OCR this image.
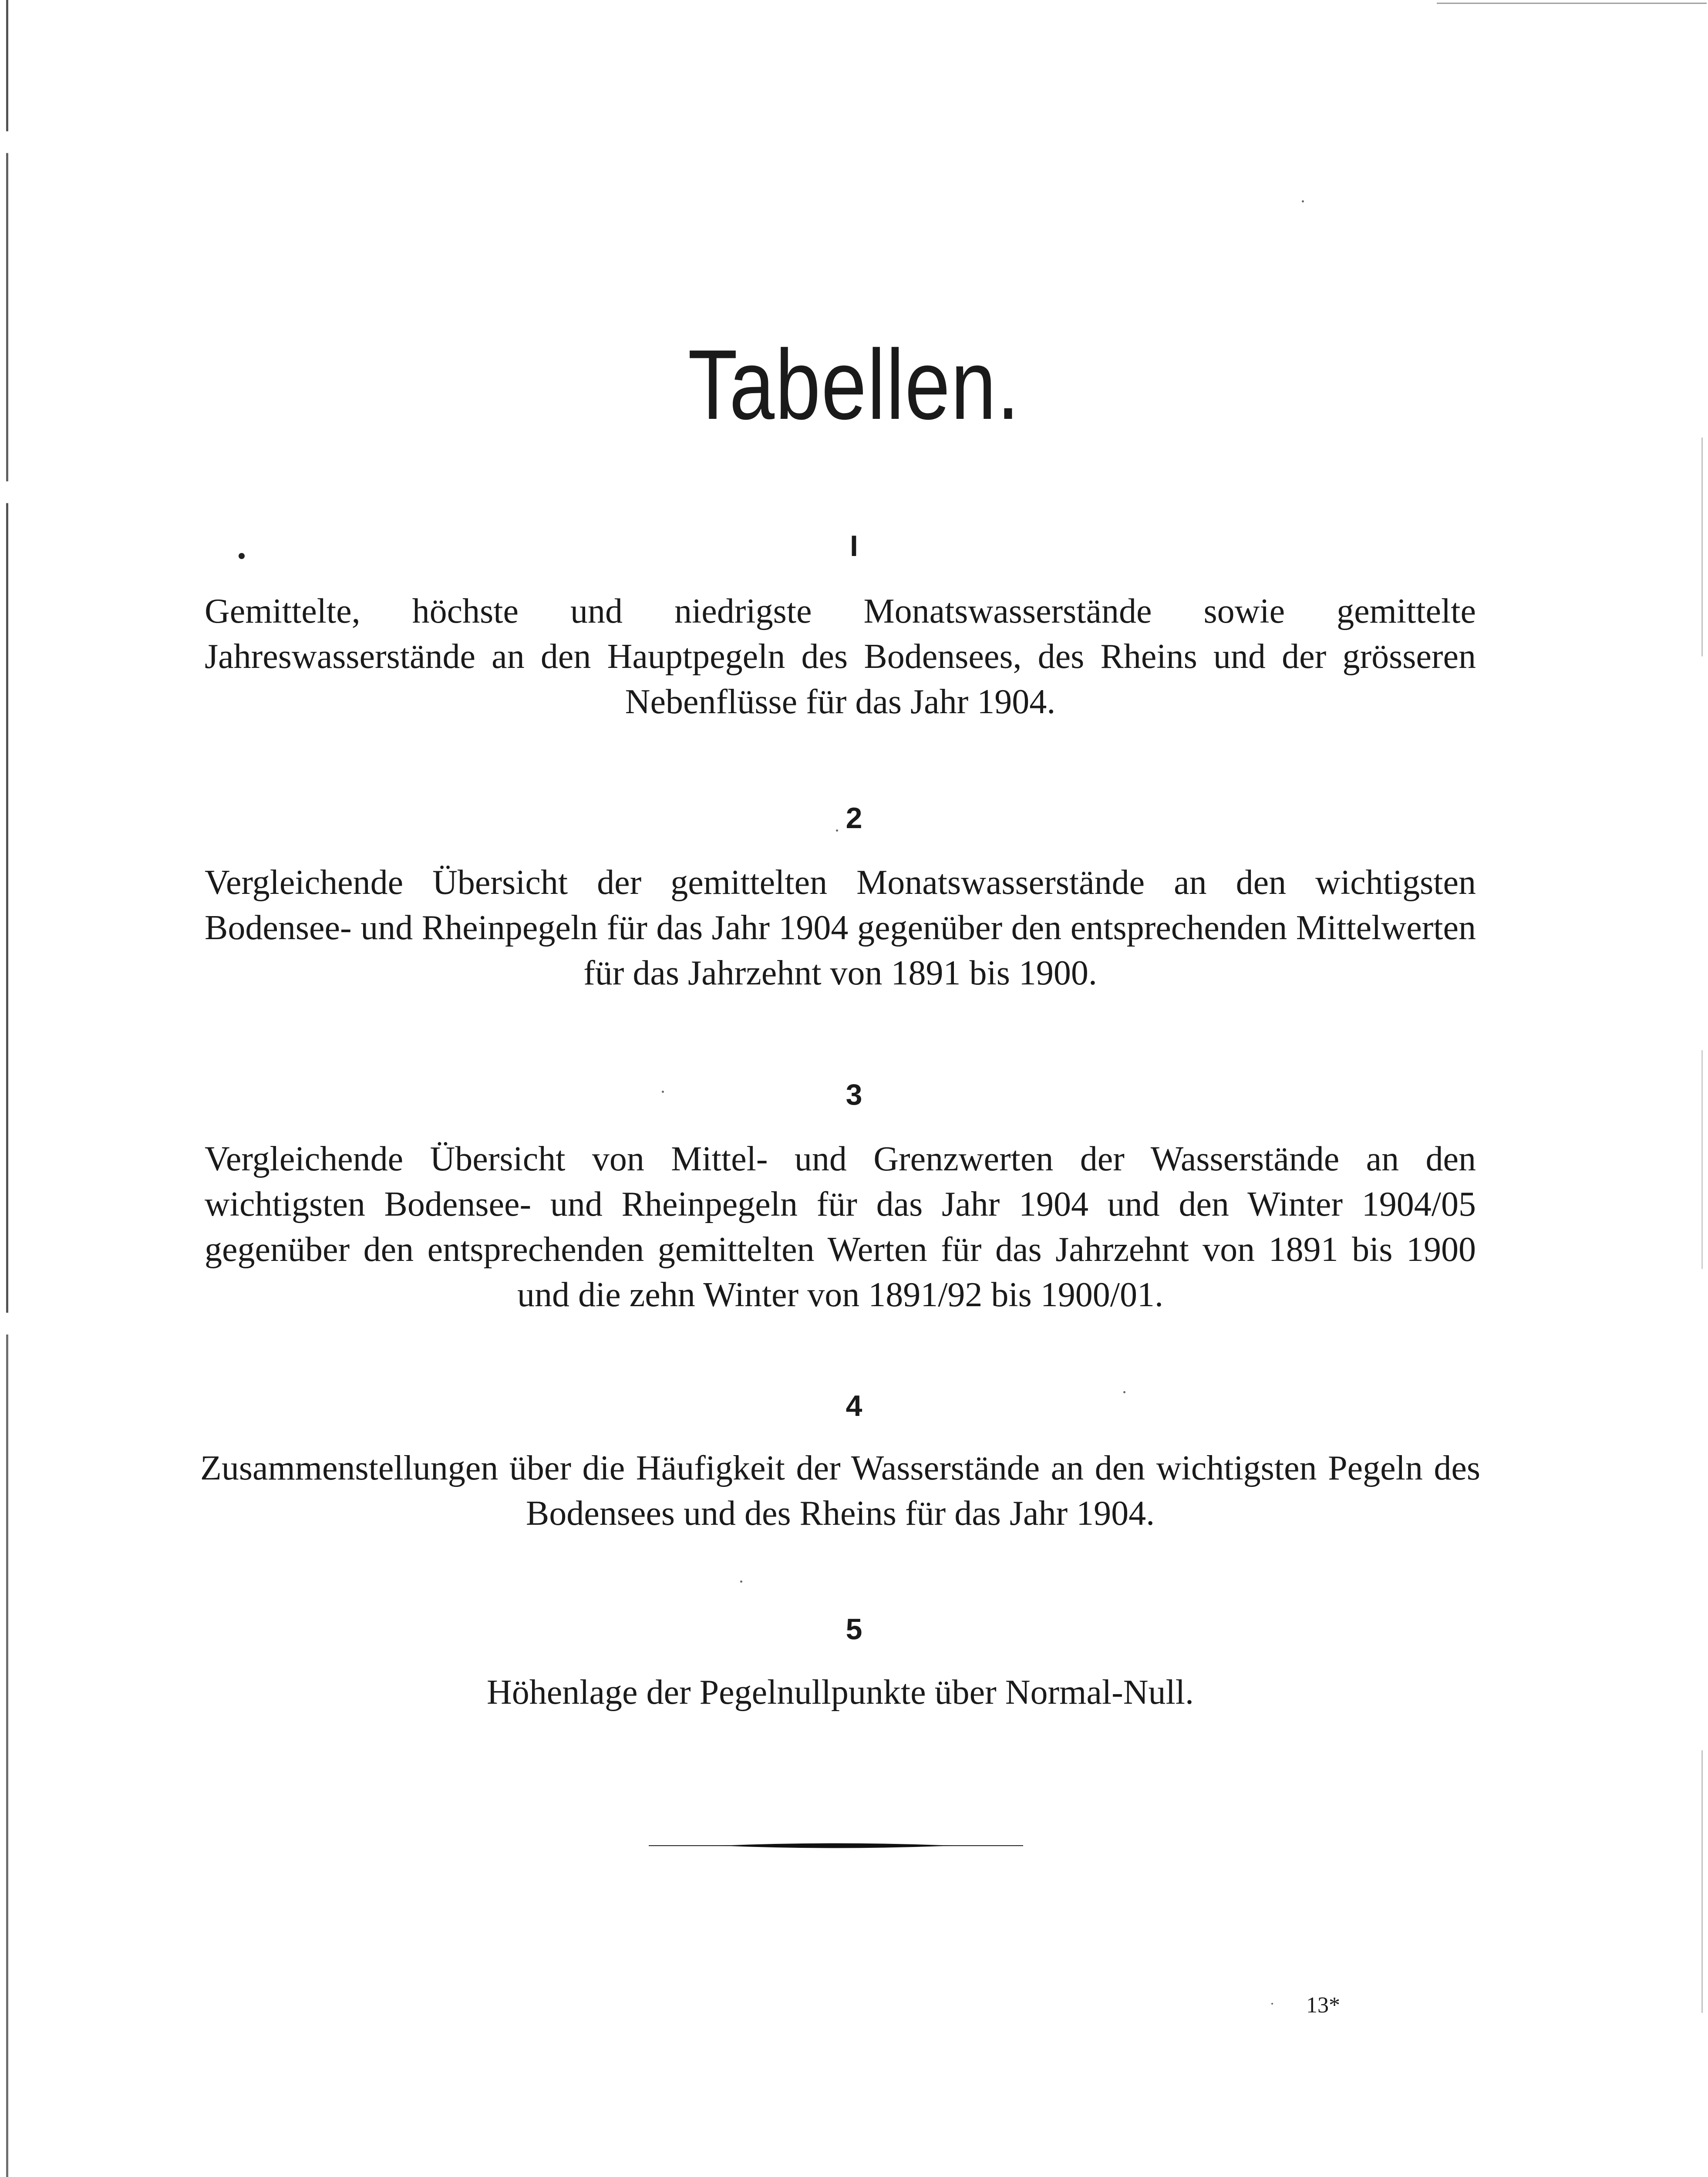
Tabellen.
I
Gemittelte, höchste und niedrigste Monatswasserstände sowie gemittelte Jahreswasserstände an den Hauptpegeln des Bodensees, des Rheins und der grösseren Nebenflüsse für das Jahr 1904.
2
Vergleichende Übersicht der gemittelten Monatswasserstände an den wichtigsten Bodensee- und Rheinpegeln für das Jahr 1904 gegenüber den entsprechenden Mittelwerten für das Jahrzehnt von 1891 bis 1900.
3
Vergleichende Übersicht von Mittel- und Grenzwerten der Wasserstände an den wichtigsten Bodensee- und Rheinpegeln für das Jahr 1904 und den Winter 1904/05 gegenüber den entsprechenden gemittelten Werten für das Jahrzehnt von 1891 bis 1900 und die zehn Winter von 1891/92 bis 1900/01.
4
Zusammenstellungen über die Häufigkeit der Wasserstände an den wichtigsten Pegeln des Bodensees und des Rheins für das Jahr 1904.
5
Höhenlage der Pegelnullpunkte über Normal-Null.
13*
